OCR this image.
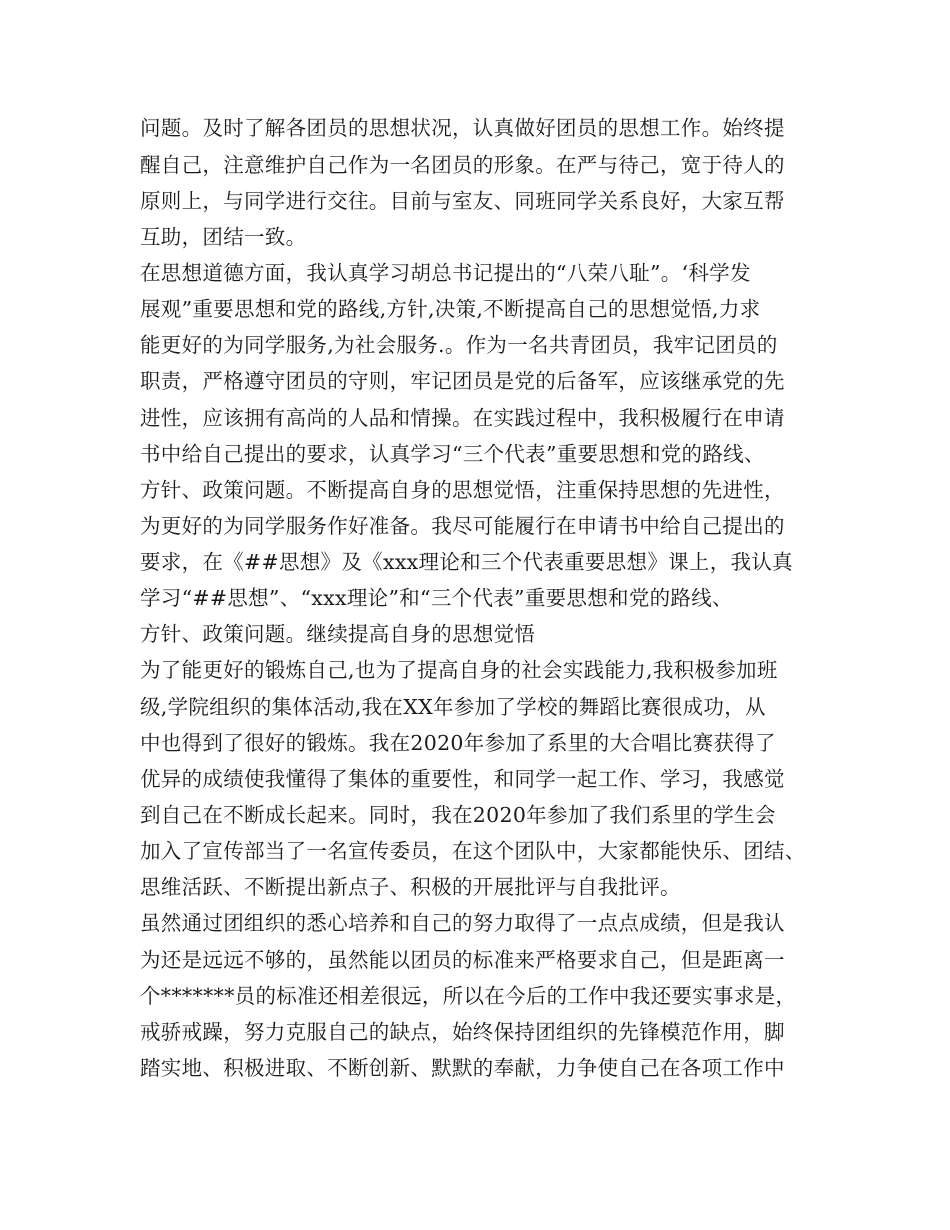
问题。及时了解各团员的思想状况，认真做好团员的思想工作。始终提
醒自己，注意维护自己作为一名团员的形象。在严与待己，宽于待人的
原则上，与同学进行交往。目前与室友、同班同学关系良好，大家互帮
互助，团结一致。
在思想道德方面，我认真学习胡总书记提出的“八荣八耻”。‘科学发
展观”重要思想和党的路线,方针,决策,不断提高自己的思想觉悟,力求
能更好的为同学服务,为社会服务.。作为一名共青团员，我牢记团员的
职责，严格遵守团员的守则，牢记团员是党的后备军，应该继承党的先
进性，应该拥有高尚的人品和情操。在实践过程中，我积极履行在申请
书中给自己提出的要求，认真学习“三个代表”重要思想和党的路线、
方针、政策问题。不断提高自身的思想觉悟，注重保持思想的先进性，
为更好的为同学服务作好准备。我尽可能履行在申请书中给自己提出的
要求，在《##思想》及《xxx理论和三个代表重要思想》课上，我认真
学习“##思想”、“xxx理论”和“三个代表”重要思想和党的路线、
方针、政策问题。继续提高自身的思想觉悟
为了能更好的锻炼自己,也为了提高自身的社会实践能力,我积极参加班
级,学院组织的集体活动,我在XX年参加了学校的舞蹈比赛很成功，从
中也得到了很好的锻炼。我在2020年参加了系里的大合唱比赛获得了
优异的成绩使我懂得了集体的重要性，和同学一起工作、学习，我感觉
到自己在不断成长起来。同时，我在2020年参加了我们系里的学生会
加入了宣传部当了一名宣传委员，在这个团队中，大家都能快乐、团结、
思维活跃、不断提出新点子、积极的开展批评与自我批评。
虽然通过团组织的悉心培养和自己的努力取得了一点点成绩，但是我认
为还是远远不够的，虽然能以团员的标准来严格要求自己，但是距离一
个*******员的标准还相差很远，所以在今后的工作中我还要实事求是，
戒骄戒躁，努力克服自己的缺点，始终保持团组织的先锋模范作用，脚
踏实地、积极进取、不断创新、默默的奉献，力争使自己在各项工作中
